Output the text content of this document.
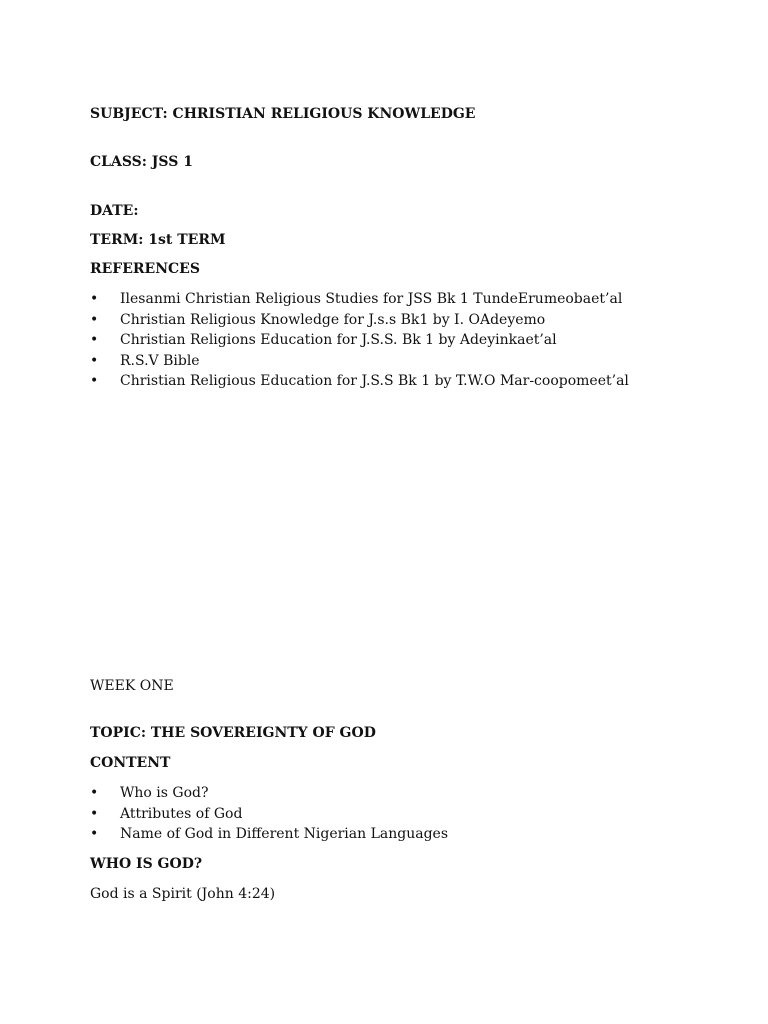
SUBJECT: CHRISTIAN RELIGIOUS KNOWLEDGE
CLASS: JSS 1
DATE:
TERM: 1st TERM
REFERENCES
• Ilesanmi Christian Religious Studies for JSS Bk 1 TundeErumeobaet’al
• Christian Religious Knowledge for J.s.s Bk1 by I. OAdeyemo
• Christian Religions Education for J.S.S. Bk 1 by Adeyinkaet’al
• R.S.V Bible
• Christian Religious Education for J.S.S Bk 1 by T.W.O Mar-coopomeet’al
WEEK ONE
TOPIC: THE SOVEREIGNTY OF GOD
CONTENT
• Who is God?
• Attributes of God
• Name of God in Different Nigerian Languages
WHO IS GOD?
God is a Spirit (John 4:24)
